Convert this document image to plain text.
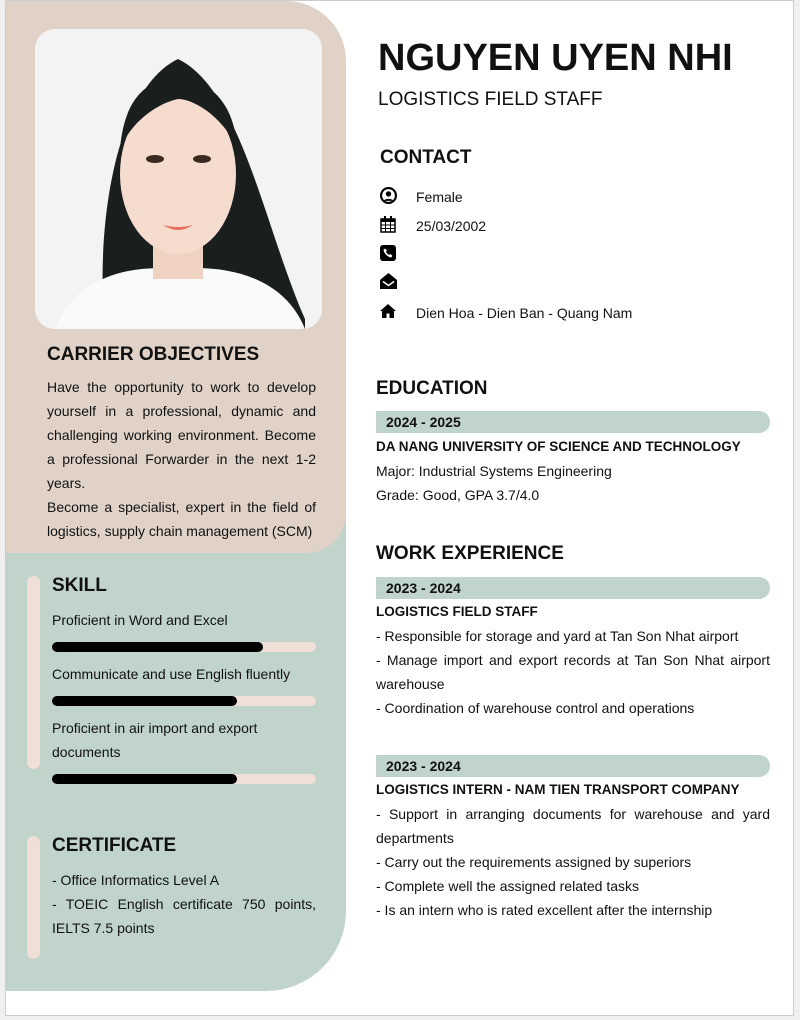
CARRIER OBJECTIVES
Have the opportunity to work to develop yourself in a professional, dynamic and challenging working environment. Become a professional Forwarder in the next 1-2 years.
Become a specialist, expert in the field of logistics, supply chain management (SCM)
SKILL
Proficient in Word and Excel
Communicate and use English fluently
Proficient in air import and export documents
CERTIFICATE
- Office Informatics Level A
- TOEIC English certificate 750 points, IELTS 7.5 points
NGUYEN UYEN NHI
LOGISTICS FIELD STAFF
CONTACT
Female
25/03/2002
Dien Hoa - Dien Ban - Quang Nam
EDUCATION
2024 - 2025
DA NANG UNIVERSITY OF SCIENCE AND TECHNOLOGY
Major: Industrial Systems Engineering
Grade: Good, GPA 3.7/4.0
WORK EXPERIENCE
2023 - 2024
LOGISTICS FIELD STAFF
- Responsible for storage and yard at Tan Son Nhat airport
- Manage import and export records at Tan Son Nhat airport warehouse
- Coordination of warehouse control and operations
2023 - 2024
LOGISTICS INTERN - NAM TIEN TRANSPORT COMPANY
- Support in arranging documents for warehouse and yard departments
- Carry out the requirements assigned by superiors
- Complete well the assigned related tasks
- Is an intern who is rated excellent after the internship
